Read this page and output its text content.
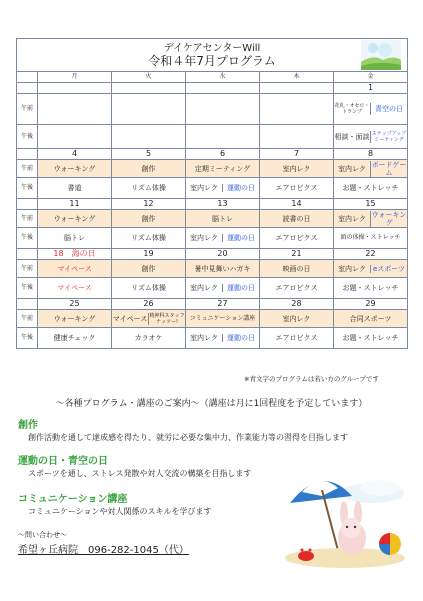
デイケアセンターWill
令和４年7月プログラム
	月	火	水	木	金
					1
午前					花札・オセロ・トランプ 青空の日

午後					相談・面談 ステップアップミーティング

	4	5	6	7	8
午前	ウォーキング	創作	定期ミーティング	室内レク	室内レク ボードゲーム

午後	書道	リズム体操	室内レク 運動の日	エアロビクス	お题・ストレッチ
	11	12	13	14	15
午前	ウォーキング	創作	脳トレ	読書の日	室内レク ウォーキング

午後	脳トレ	リズム体操	室内レク 運動の日	エアロビクス	頭の体操・ストレッチ
	18　海の日	19	20	21	22
午前	マイペース	創作	暑中見舞いハガキ	映画の日	室内レク eスポーツ

午後	マイペース	リズム体操	室内レク 運動の日	エアロビクス	お题・ストレッチ
	25	26	27	28	29
午前	ウォーキング	マイペース 精神科スタッフ ナッツー!	コミュニケーション講座	室内レク	合同スポーツ
午後	健康チェック	カラオケ	室内レク 運動の日	エアロビクス	お题・ストレッチ
※青文字のプログラムは若い方のグループです
～各種プログラム・講座のご案内～（講座は月に1回程度を予定しています）
創作
創作活動を通して達成感を得たり、就労に必要な集中力、作業能力等の習得を目指します
運動の日・青空の日
スポーツを通し、ストレス発散や対人交流の構築を目指します
コミュニケーション講座
コミュニケーションや対人関係のスキルを学びます
～問い合わせ～
希望ヶ丘病院　096-282-1045（代）
